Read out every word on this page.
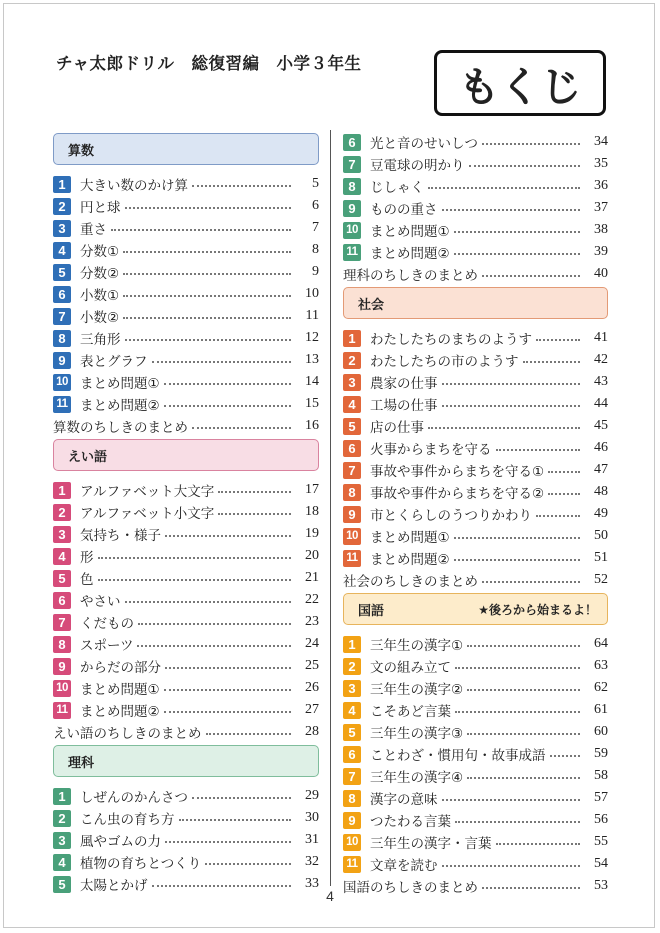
チャ太郎ドリル　総復習編　小学３年生 もくじ
算数
1	大きい数のかけ算	5
2	円と球	6
3	重さ	7
4	分数①	8
5	分数②	9
6	小数①	10
7	小数②	11
8	三角形	12
9	表とグラフ	13
10 まとめ問題①	14
11 まとめ問題②	15
算数のちしきのまとめ	16
えい語
1	アルファベット大文字	17
2	アルファベット小文字	18
3	気持ち・様子	19
4	形	20
5	色	21
6	やさい	22
7	くだもの	23
8	スポーツ	24
9	からだの部分	25
10 まとめ問題①	26
11 まとめ問題②	27
えい語のちしきのまとめ	28
理科
1	しぜんのかんさつ	29
2	こん虫の育ち方	30
3	風やゴムの力	31
4	植物の育ちとつくり	32
5	太陽とかげ	33
6	光と音のせいしつ	34
7	豆電球の明かり	35
8	じしゃく	36
9	ものの重さ	37
10 まとめ問題①	38
11 まとめ問題②	39
理科のちしきのまとめ	40
社会
1	わたしたちのまちのようす	41
2	わたしたちの市のようす	42
3	農家の仕事	43
4	工場の仕事	44
5	店の仕事	45
6	火事からまちを守る	46
7	事故や事件からまちを守る①	47
8	事故や事件からまちを守る②	48
9	市とくらしのうつりかわり	49
10 まとめ問題①	50
11 まとめ問題②	51
社会のちしきのまとめ	52
国語	★後ろから始まるよ！
1	三年生の漢字①	64
2	文の組み立て	63
3	三年生の漢字②	62
4	こそあど言葉	61
5	三年生の漢字③	60
6	ことわざ・慣用句・故事成語	59
7	三年生の漢字④	58
8	漢字の意味	57
9	つたわる言葉	56
10 三年生の漢字・言葉	55
11 文章を読む	54
国語のちしきのまとめ	53
4
